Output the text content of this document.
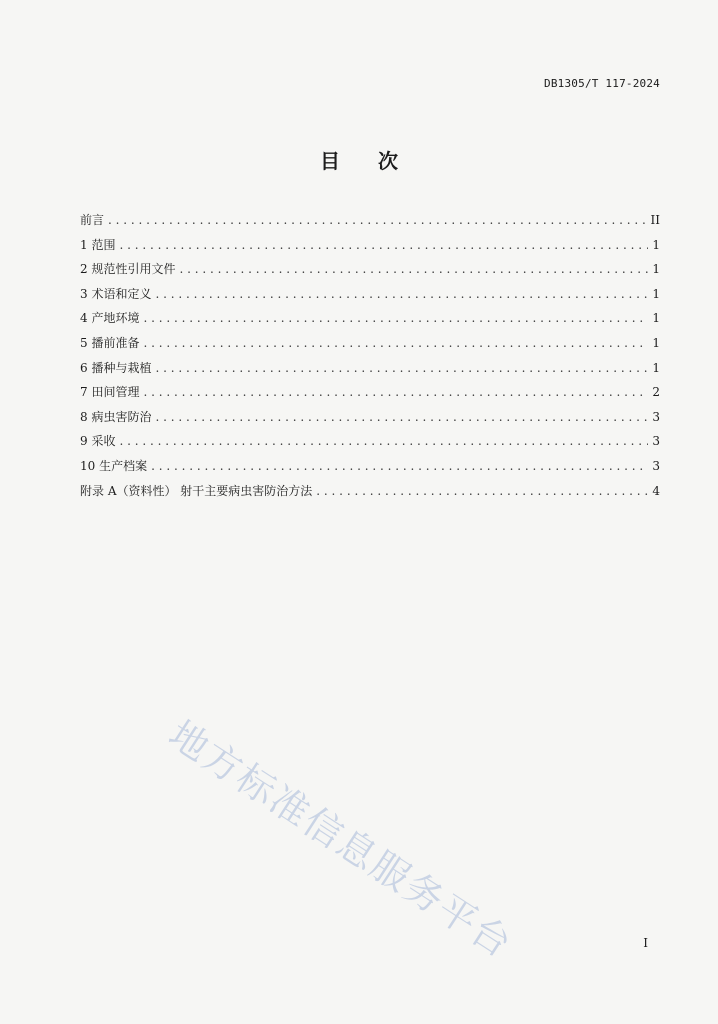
DB1305/T 117-2024
目 次
前言 . . .	II
1 范围 . . .	1
2 规范性引用文件 . . .	1
3 术语和定义 . . .	1
4 产地环境 . . .	1
5 播前准备 . . .	1
6 播种与栽植 . . .	1
7 田间管理 . . .	2
8 病虫害防治 . . .	3
9 采收 . . .	3
10 生产档案 . . .	3
附录 A（资料性） 射干主要病虫害防治方法 . . .	4
地方标准信息服务平台	I
